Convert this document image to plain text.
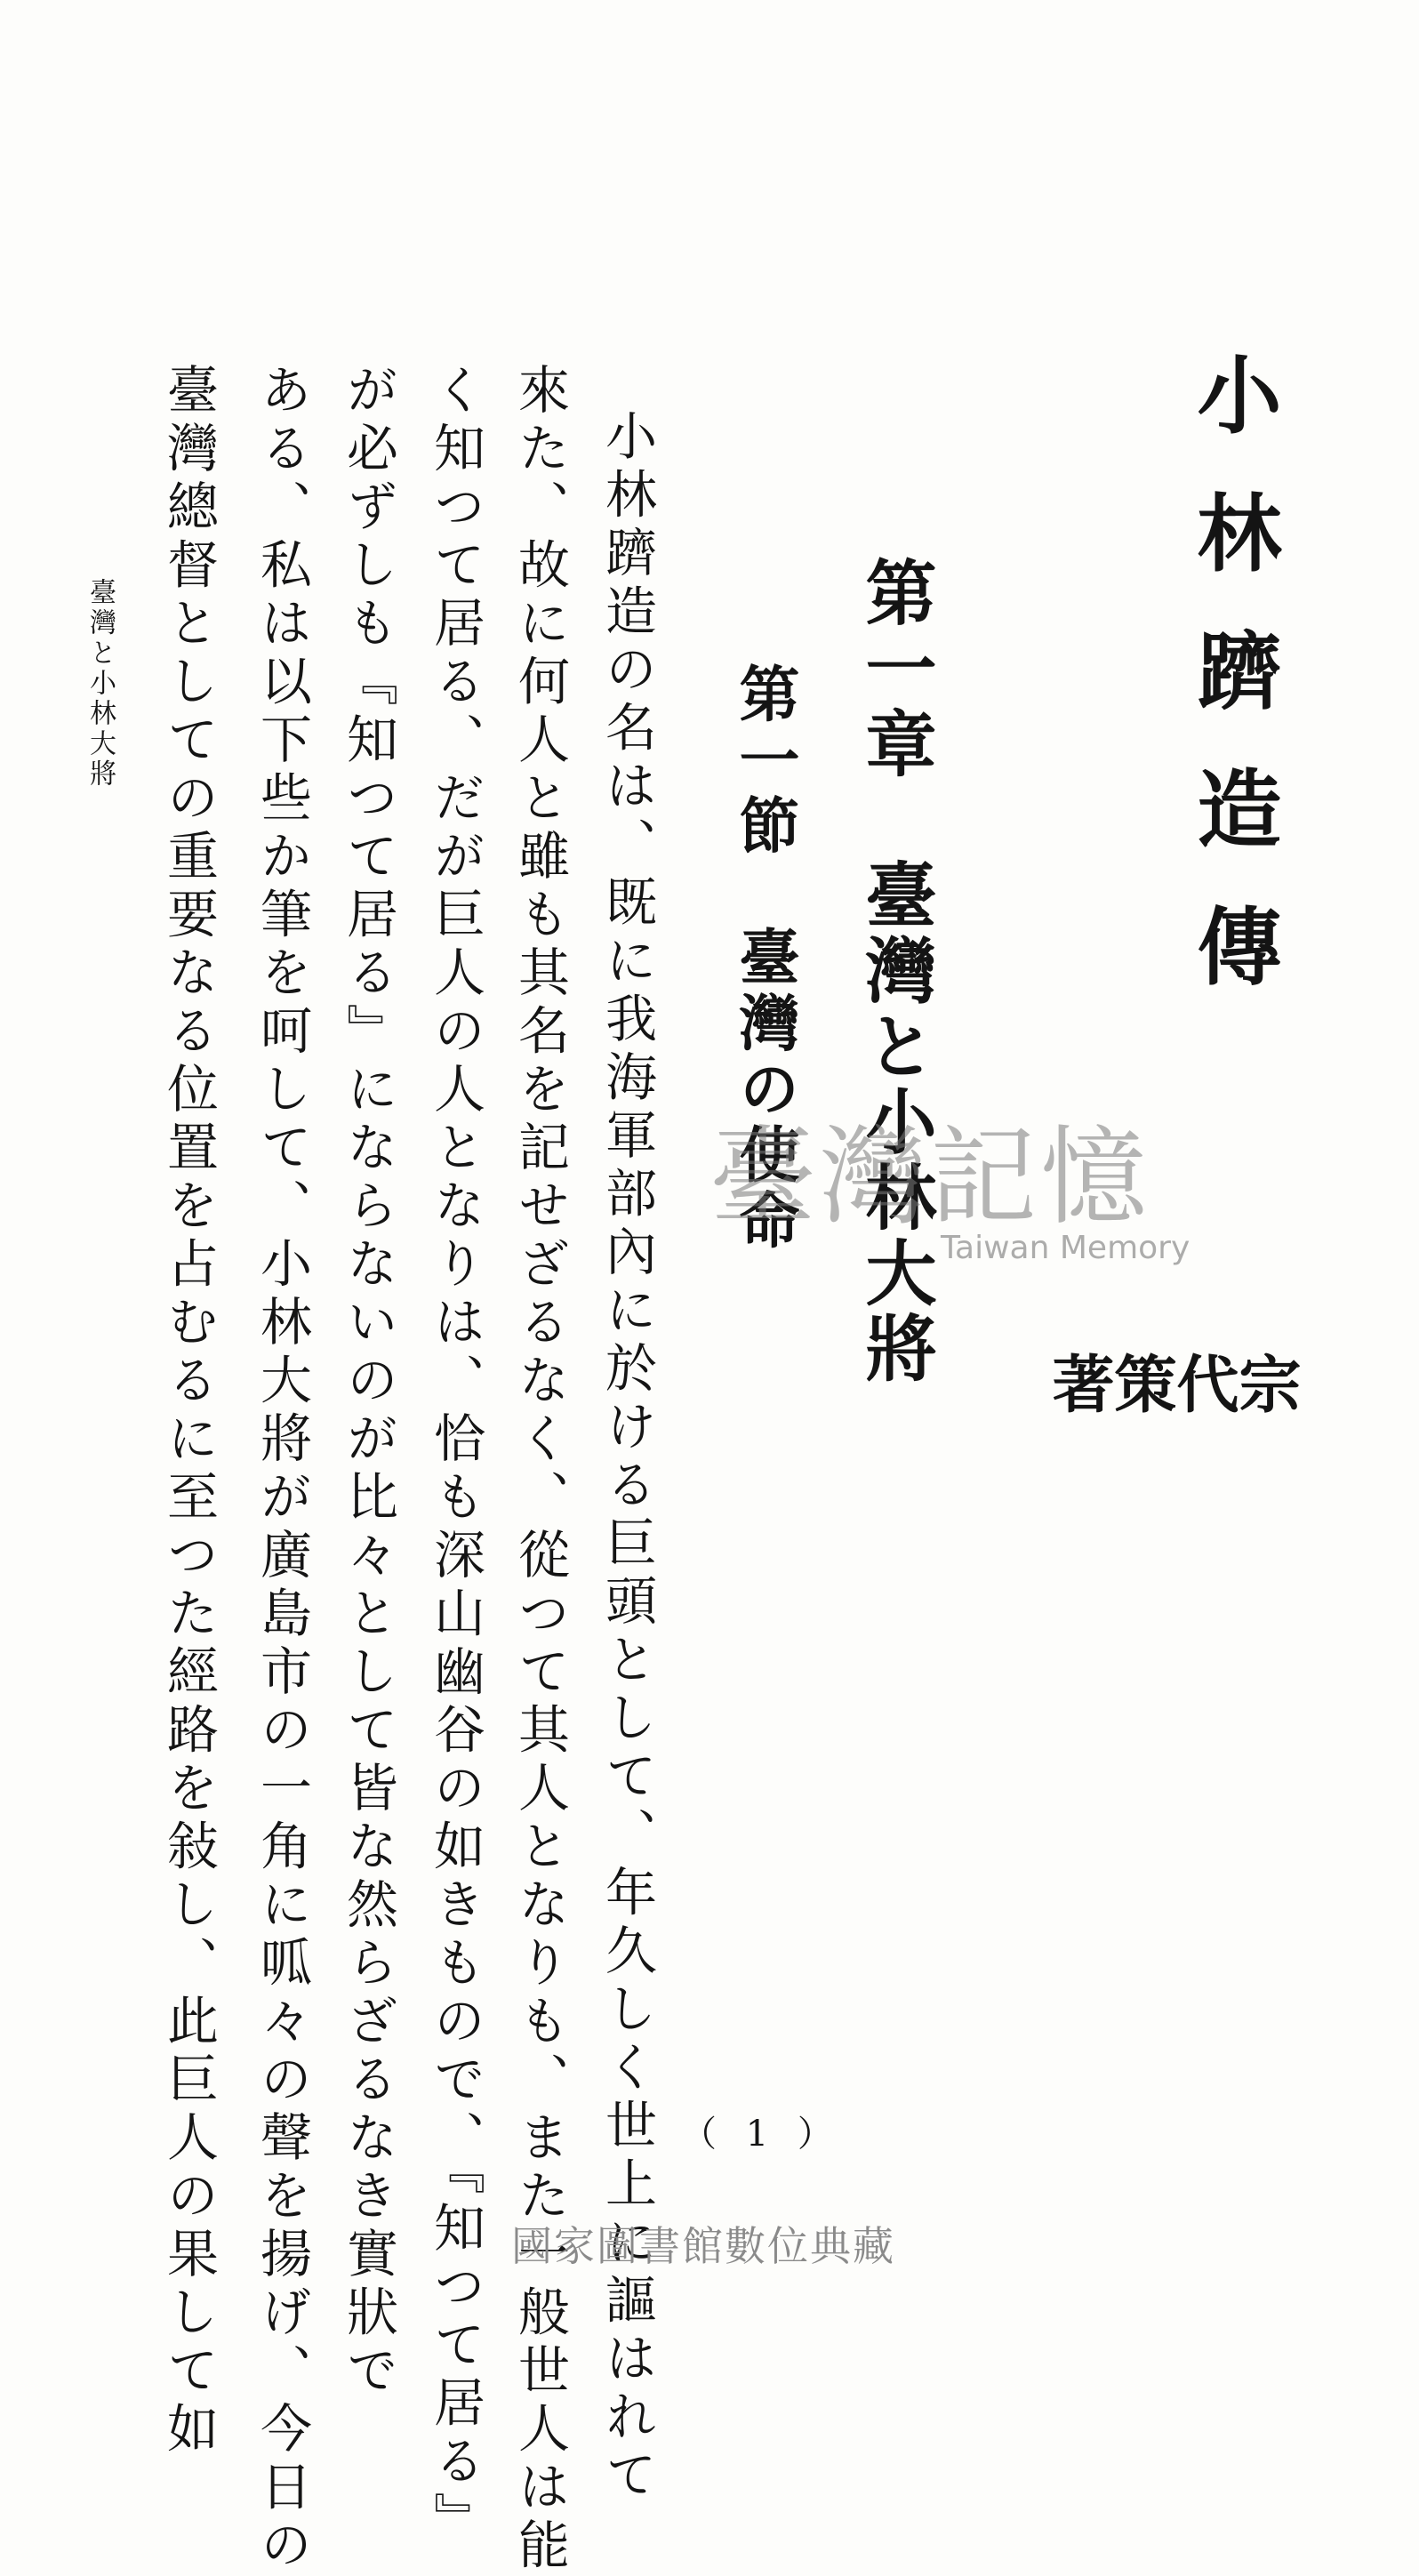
小林躋造傳
第一章　臺灣と小林大將
第一節　臺灣の使命
宗
代
策
著

小林躋造の名は、既に我海軍部內に於ける巨頭として、年久しく世上に謳はれて

來た、故に何人と雖も其名を記せざるなく、從つて其人となりも、また一般世人は能

く知つて居る、だが巨人の人となりは、恰も深山幽谷の如きもので、『知つて居る』

が必ずしも『知つて居る』にならないのが比々として皆な然らざるなき實狀で

ある、私は以下些か筆を呵して、小林大將が廣島市の一角に呱々の聲を揚げ、今日の

臺灣總督としての重要なる位置を占むるに至つた經路を敍し、此巨人の果して如

臺灣と小林大將
（ 1 ）
臺灣記憶
Taiwan Memory
國家圖書館數位典藏
